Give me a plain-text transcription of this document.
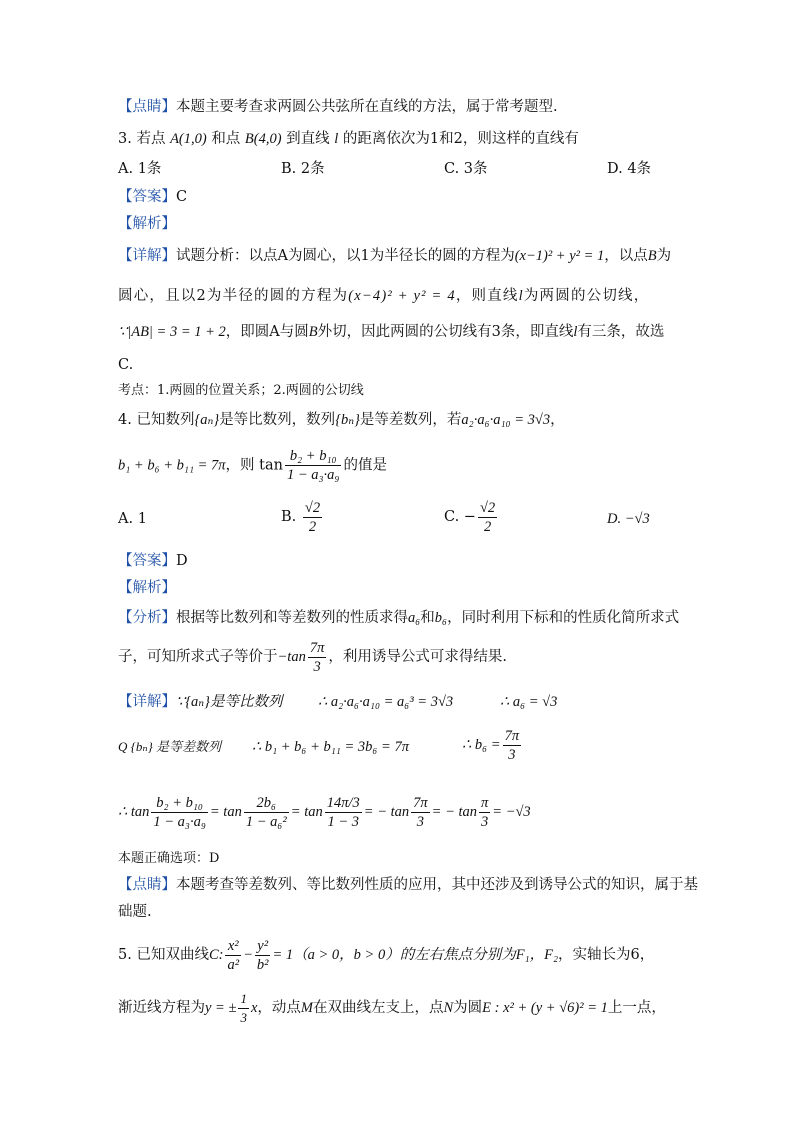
【点睛】本题主要考查求两圆公共弦所在直线的方法，属于常考题型.
3. 若点 A(1,0) 和点 B(4,0) 到直线 l 的距离依次为1和2，则这样的直线有
A. 1条	B. 2条	C. 3条	D. 4条
【答案】C
【解析】
【详解】试题分析：以点A为圆心，以1为半径长的圆的方程为(x−1)² + y² = 1，以点B为
圆心，且以2为半径的圆的方程为(x−4)² + y² = 4，则直线l为两圆的公切线，
∵|AB| = 3 = 1 + 2，即圆A与圆B外切，因此两圆的公切线有3条，即直线l有三条，故选
C.
考点：1.两圆的位置关系；2.两圆的公切线
4. 已知数列{aₙ}是等比数列，数列{bₙ}是等差数列，若a₂·a₆·a₁₀ = 3√3，
b₁ + b₆ + b₁₁ = 7π，则 $\tan \frac{\text{b₂ + b₁₀}}{\text{1 − a₃·a₉}}$ 的值是
A. 1	B. $\frac{√2}{2}$	C. − $\frac{√2}{2}$	D. −√3
【答案】D
【解析】
【分析】根据等比数列和等差数列的性质求得a₆和b₆，同时利用下标和的性质化简所求式
子，可知所求式子等价于$-\tan \frac{7\pi}{3}$ ，利用诱导公式可求得结果.
【详解】∵{aₙ}是等比数列 ∴ a₂·a₆·a₁₀ = a₆³ = 3√3	∴ a₆ = √3
Q {bₙ} 是等差数列 ∴ b₁ + b₆ + b₁₁ = 3b₆ = 7π	∴ $b_6 = \frac{7\pi}{3}$
∴ $\tan \frac{\text{b₂ + b₁₀}}{\text{1 − a₃·a₉}} = \tan \frac{\text{2b₆}}{\text{1 − a₆²}} = \tan \frac{14\pi/3}{1 - 3}$ = − $\tan \frac{7\pi}{3}$ = − $\tan \frac{\pi}{3} = -√3$
本题正确选项：D
【点睛】本题考查等差数列、等比数列性质的应用，其中还涉及到诱导公式的知识，属于基
础题.
5. 已知双曲线C: $\frac{\text{x²}}{\text{a²}} - \frac{\text{y²}}{\text{b²}} = 1(a > 0$，b > 0）的左右焦点分别为F₁，F₂，实轴长为6，
渐近线方程为y = ± $\frac{1}{3}$ x，动点M在双曲线左支上，点N为圆E : x² + (y + √6)² = 1上一点，
